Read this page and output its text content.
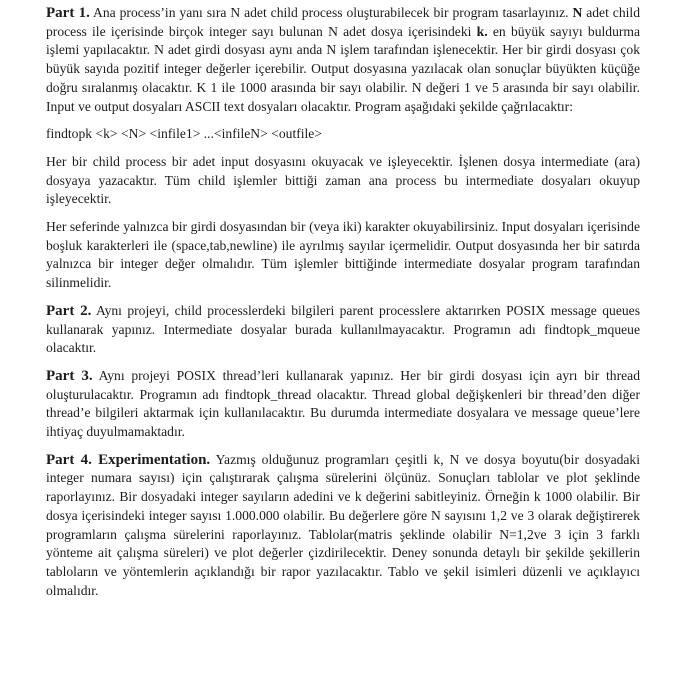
Part 1. Ana process’in yanı sıra N adet child process oluşturabilecek bir program tasarlayınız. N adet child process ile içerisinde birçok integer sayı bulunan N adet dosya içerisindeki k. en büyük sayıyı buldurma işlemi yapılacaktır. N adet girdi dosyası aynı anda N işlem tarafından işlenecektir. Her bir girdi dosyası çok büyük sayıda pozitif integer değerler içerebilir. Output dosyasına yazılacak olan sonuçlar büyükten küçüğe doğru sıralanmış olacaktır. K 1 ile 1000 arasında bir sayı olabilir. N değeri 1 ve 5 arasında bir sayı olabilir. Input ve output dosyaları ASCII text dosyaları olacaktır. Program aşağıdaki şekilde çağrılacaktır:

findtopk <k> <N> <infile1> ...<infileN> <outfile>

Her bir child process bir adet input dosyasını okuyacak ve işleyecektir. İşlenen dosya intermediate (ara) dosyaya yazacaktır. Tüm child işlemler bittiği zaman ana process bu intermediate dosyaları okuyup işleyecektir.

Her seferinde yalnızca bir girdi dosyasından bir (veya iki) karakter okuyabilirsiniz. Input dosyaları içerisinde boşluk karakterleri ile (space,tab,newline) ile ayrılmış sayılar içermelidir. Output dosyasında her bir satırda yalnızca bir integer değer olmalıdır. Tüm işlemler bittiğinde intermediate dosyalar program tarafından silinmelidir.

Part 2. Aynı projeyi, child processlerdeki bilgileri parent processlere aktarırken POSIX message queues kullanarak yapınız. Intermediate dosyalar burada kullanılmayacaktır. Programın adı findtopk_mqueue olacaktır.

Part 3. Aynı projeyi POSIX thread’leri kullanarak yapınız. Her bir girdi dosyası için ayrı bir thread oluşturulacaktır. Programın adı findtopk_thread olacaktır. Thread global değişkenleri bir thread’den diğer thread’e bilgileri aktarmak için kullanılacaktır. Bu durumda intermediate dosyalara ve message queue’lere ihtiyaç duyulmamaktadır.

Part 4. Experimentation. Yazmış olduğunuz programları çeşitli k, N ve dosya boyutu(bir dosyadaki integer numara sayısı) için çalıştırarak çalışma sürelerini ölçünüz. Sonuçları tablolar ve plot şeklinde raporlayınız. Bir dosyadaki integer sayıların adedini ve k değerini sabitleyiniz. Örneğin k 1000 olabilir. Bir dosya içerisindeki integer sayısı 1.000.000 olabilir. Bu değerlere göre N sayısını 1,2 ve 3 olarak değiştirerek programların çalışma sürelerini raporlayınız. Tablolar(matris şeklinde olabilir N=1,2ve 3 için 3 farklı yönteme ait çalışma süreleri) ve plot değerler çizdirilecektir. Deney sonunda detaylı bir şekilde şekillerin tabloların ve yöntemlerin açıklandığı bir rapor yazılacaktır. Tablo ve şekil isimleri düzenli ve açıklayıcı olmalıdır.
